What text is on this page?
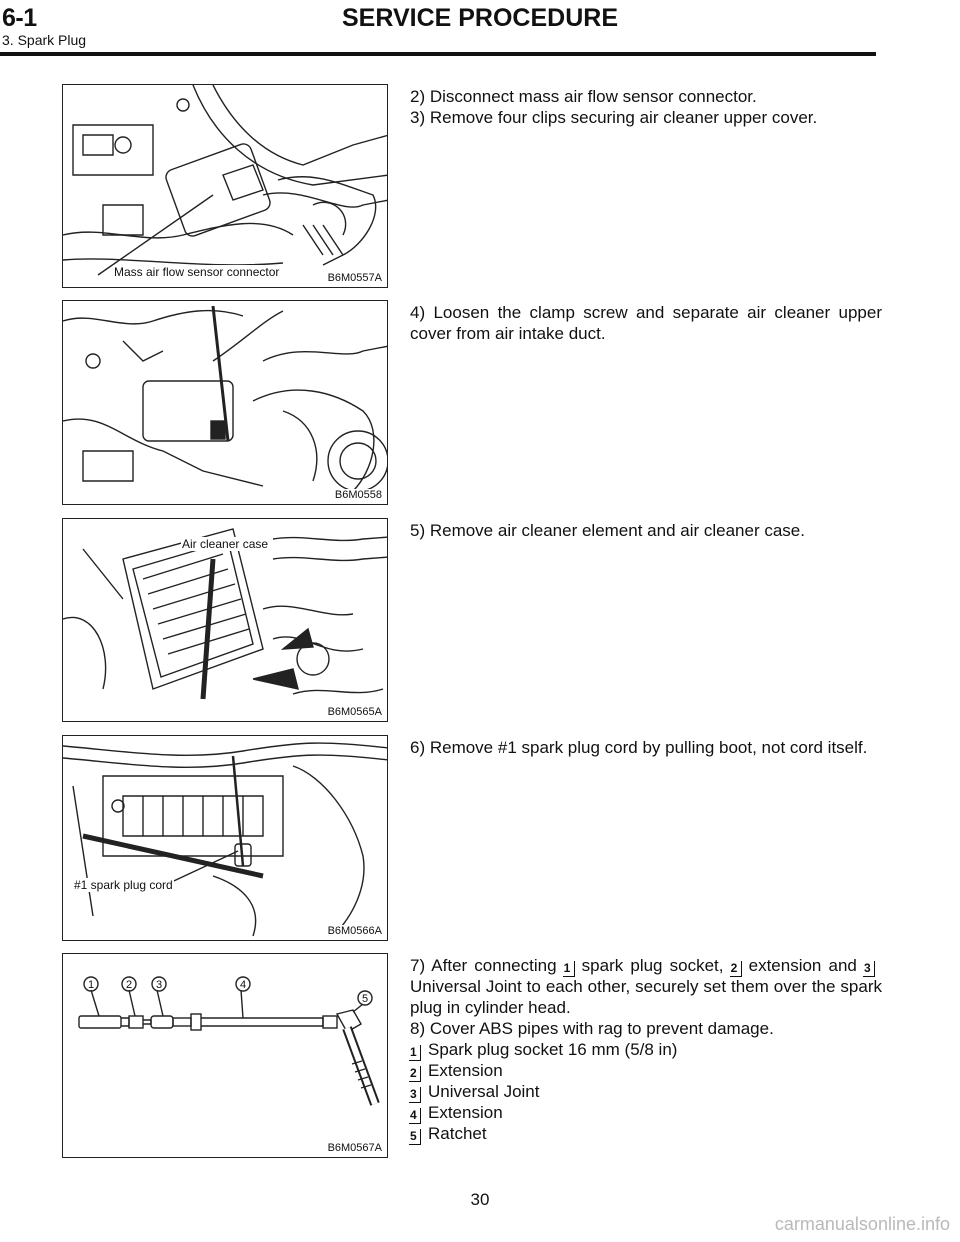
6-1	SERVICE PROCEDURE
3. Spark Plug
Mass air flow sensor connector	B6M0557A
B6M0558
Air cleaner case
B6M0565A
#1 spark plug cord
B6M0566A
1	2 3	4
5
B6M0567A

2) Disconnect mass air flow sensor connector.

3) Remove four clips securing air cleaner upper cover.

4) Loosen the clamp screw and separate air cleaner upper cover from air intake duct.

5) Remove air cleaner element and air cleaner case.

6) Remove #1 spark plug cord by pulling boot, not cord itself.

7) After connecting 1 spark plug socket, 2 extension and 3Universal Joint to each other, securely set them over the spark plug in cylinder head.

8) Cover ABS pipes with rag to prevent damage.

1 Spark plug socket 16 mm (5/8 in)

2 Extension

3 Universal Joint

4 Extension

5 Ratchet

30
carmanualsonline.info
